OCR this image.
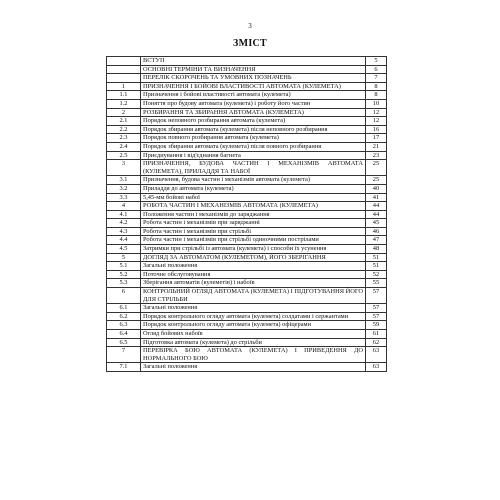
3
ЗМІСТ
	ВСТУП	5
	ОСНОВНІ ТЕРМІНИ ТА ВИЗНАЧЕННЯ	6
	ПЕРЕЛІК СКОРОЧЕНЬ ТА УМОВНИХ ПОЗНАЧЕНЬ	7
1	ПРИЗНАЧЕННЯ І БОЙОВІ ВЛАСТИВОСТІ АВТОМАТА (КУЛЕМЕТА)	8
1.1	Призначення і бойові властивості автомата (кулемета)	8
1.2	Поняття про будову автомата (кулемета) і роботу його частин	10
2	РОЗБИРАННЯ ТА ЗБИРАННЯ АВТОМАТА (КУЛЕМЕТА)	12
2.1	Порядок неповного розбирання автомата (кулемета)	12
2.2	Порядок збирання автомата (кулемета) після неповного розбирання	16
2.3	Порядок повного розбирання автомата (кулемета)	17
2.4	Порядок збирання автомата (кулемета) після повного розбирання	21
2.5	Приєднування і від'єднання багнета	23
3	ПРИЗНАЧЕННЯ, БУДОВА ЧАСТИН І МЕХАНІЗМІВ АВТОМАТА (КУЛЕМЕТА), ПРИЛАДДЯ ТА НАБОЇ	25
3.1	Призначення, будова частин і механізмів автомата (кулемета)	25
3.2	Приладдя до автомата (кулемета)	40
3.3	5,45-мм бойові набої	41
4	РОБОТА ЧАСТИН І МЕХАНІЗМІВ АВТОМАТА (КУЛЕМЕТА)	44
4.1	Положення частин і механізмів до заряджання	44
4.2	Робота частин і механізмів при заряджанні	45
4.3	Робота частин і механізмів при стрільбі	46
4.4	Робота частин і механізмів при стрільбі одиночними пострілами	47
4.5	Затримки при стрільбі із автомата (кулемета) і способи їх усунення	48
5	ДОГЛЯД ЗА АВТОМАТОМ (КУЛЕМЕТОМ), ЙОГО ЗБЕРІГАННЯ	51
5.1	Загальні положення	51
5.2	Поточне обслуговування	52
5.3	Зберігання автоматів (кулеметів) і набоїв	55
6	КОНТРОЛЬНИЙ ОГЛЯД АВТОМАТА (КУЛЕМЕТА) І ПІДГОТУВАННЯ ЙОГО ДЛЯ СТРІЛЬБИ	57
6.1	Загальні положення	57
6.2	Порядок контрольного огляду автомата (кулемета) солдатами і сержантами	57
6.3	Порядок контрольного огляду автомата (кулемета) офіцерами	59
6.4	Огляд бойових набоїв	61
6.5	Підготовка автомата (кулемета) до стрільби	62
7	ПЕРЕВІРКА БОЮ АВТОМАТА (КУЛЕМЕТА) І ПРИВЕДЕННЯ ДО НОРМАЛЬНОГО БОЮ	63
7.1	Загальні положення	63
